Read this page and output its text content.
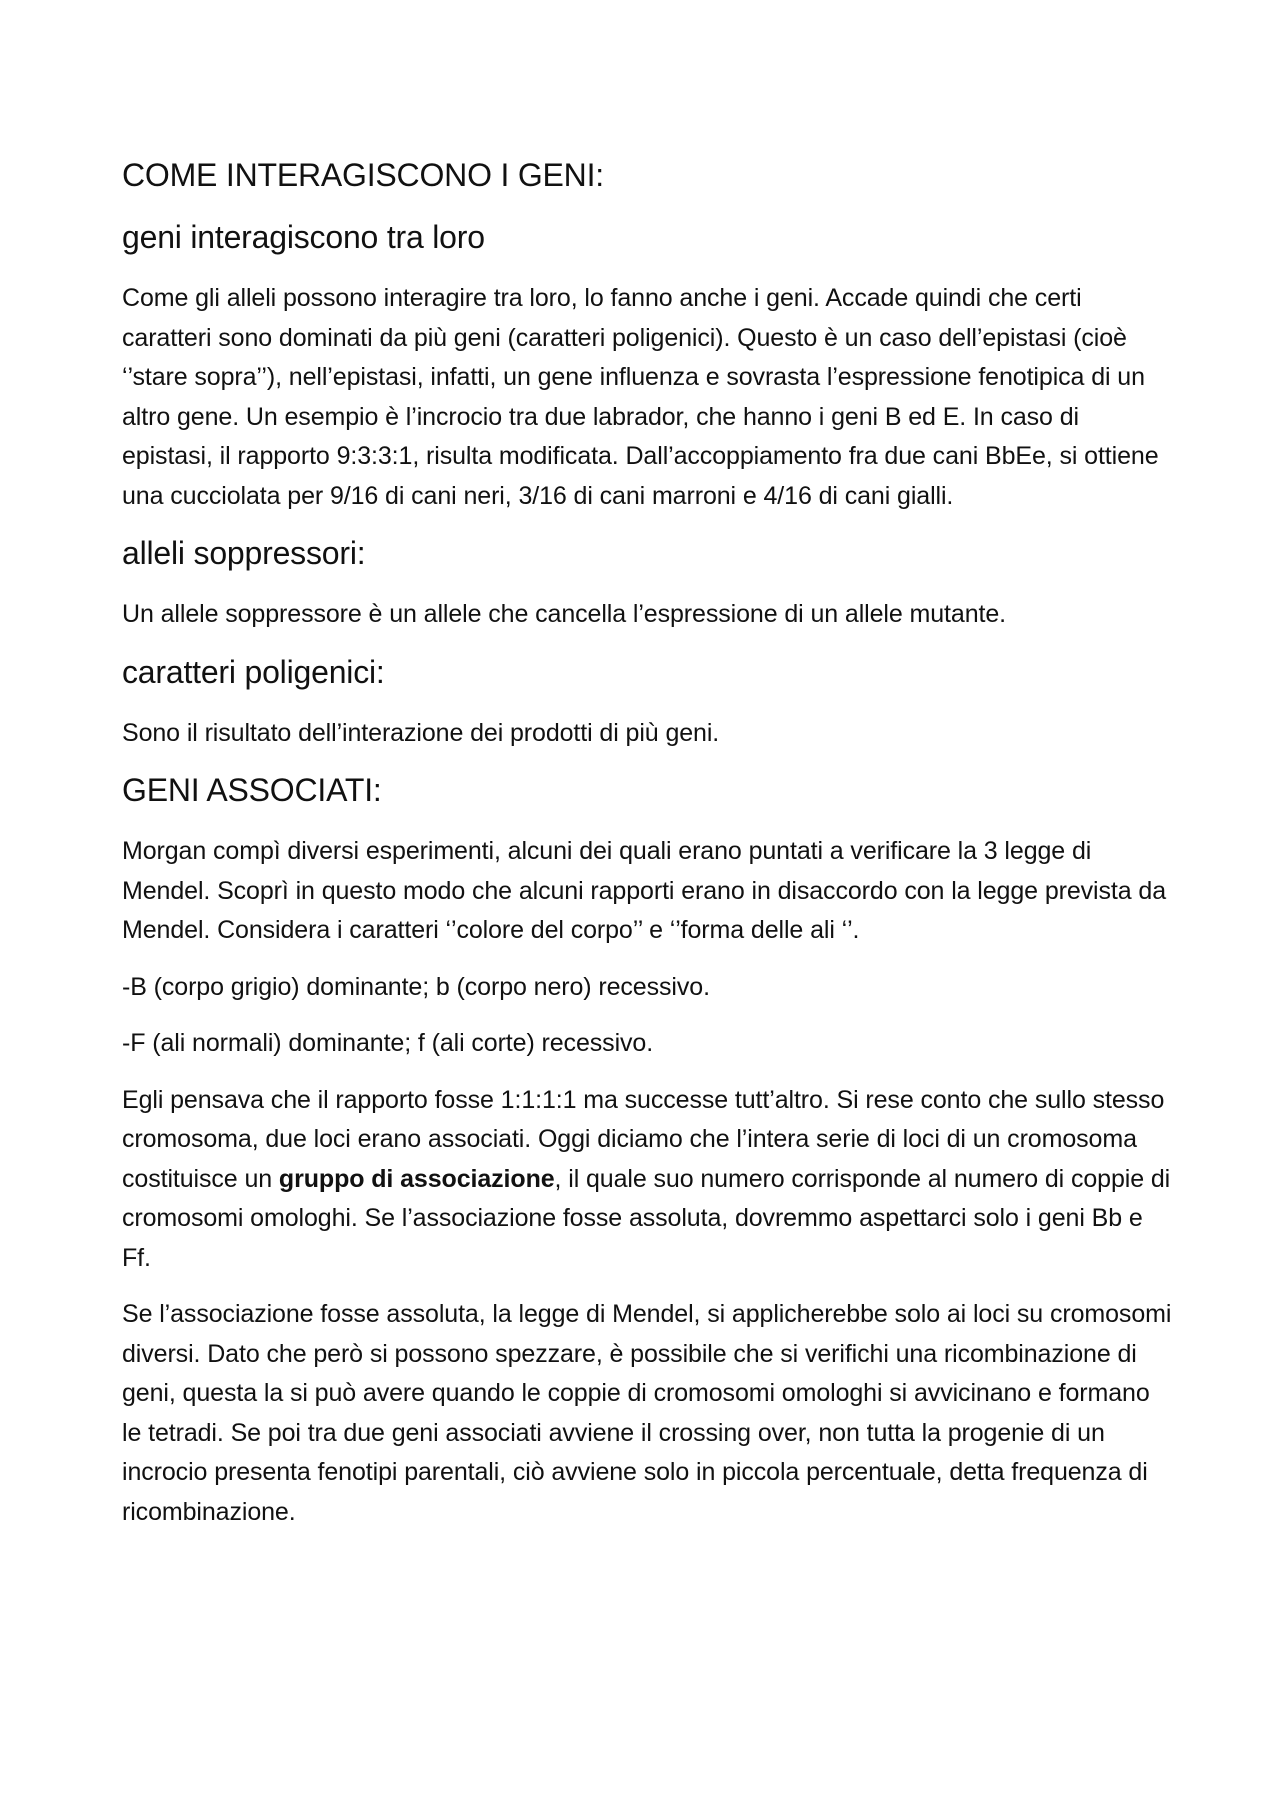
COME INTERAGISCONO I GENI:
geni interagiscono tra loro

Come gli alleli possono interagire tra loro, lo fanno anche i geni. Accade quindi che certi caratteri sono dominati da più geni (caratteri poligenici). Questo è un caso dell’epistasi (cioè ‘’stare sopra’’), nell’epistasi, infatti, un gene influenza e sovrasta l’espressione fenotipica di un altro gene. Un esempio è l’incrocio tra due labrador, che hanno i geni B ed E. In caso di epistasi, il rapporto 9:3:3:1, risulta modificata. Dall’accoppiamento fra due cani BbEe, si ottiene una cucciolata per 9/16 di cani neri, 3/16 di cani marroni e 4/16 di cani gialli.

alleli soppressori:

Un allele soppressore è un allele che cancella l’espressione di un allele mutante.

caratteri poligenici:

Sono il risultato dell’interazione dei prodotti di più geni.

GENI ASSOCIATI:

Morgan compì diversi esperimenti, alcuni dei quali erano puntati a verificare la 3 legge di Mendel. Scoprì in questo modo che alcuni rapporti erano in disaccordo con la legge prevista da Mendel. Considera i caratteri ‘’colore del corpo’’ e ‘’forma delle ali ‘’.

-B (corpo grigio) dominante; b (corpo nero) recessivo.

-F (ali normali) dominante; f (ali corte) recessivo.

Egli pensava che il rapporto fosse 1:1:1:1 ma successe tutt’altro. Si rese conto che sullo stesso cromosoma, due loci erano associati. Oggi diciamo che l’intera serie di loci di un cromosoma costituisce un gruppo di associazione, il quale suo numero corrisponde al numero di coppie di cromosomi omologhi. Se l’associazione fosse assoluta, dovremmo aspettarci solo i geni Bb e Ff.

Se l’associazione fosse assoluta, la legge di Mendel, si applicherebbe solo ai loci su cromosomi diversi. Dato che però si possono spezzare, è possibile che si verifichi una ricombinazione di geni, questa la si può avere quando le coppie di cromosomi omologhi si avvicinano e formano le tetradi. Se poi tra due geni associati avviene il crossing over, non tutta la progenie di un incrocio presenta fenotipi parentali, ciò avviene solo in piccola percentuale, detta frequenza di ricombinazione.
